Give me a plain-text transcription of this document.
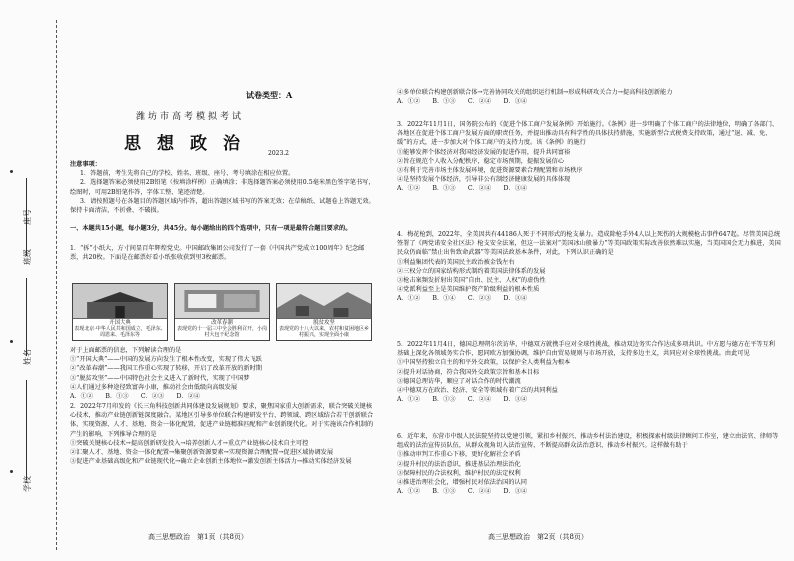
学校
姓名
班级
座号
试卷类型：A
潍坊市高考模拟考试
思想政治	2023.2

注意事项：

1．答题前，考生先将自己的学校、姓名、班级、座号、考号填涂在相应位置。

2．选择题答案必须使用2B铅笔（按填涂样例）正确填涂；非选择题答案必须使用0.5毫米黑色签字笔书写，绘图时，可用2B铅笔作答，字体工整、笔迹清楚。

3．请按照题号在各题目的答题区域内作答，超出答题区域书写的答案无效；在草稿纸、试题卷上答题无效。保持卡面清洁，不折叠、不破损。

一、本题共15小题，每小题3分，共45分。每小题给出的四个选项中，只有一项是最符合题目要求的。
1．“拆”小纸大，方寸间显百年辉煌党史。中国邮政集团公司发行了一套《中国共产党成立100周年》纪念邮票，共20枚。下面是在邮票好看小纸张收获到里3枚邮票。
开国大典
表现北京·中华人民共和国成立，毛泽东、周恩来、毛泽东等
改革春潮
表现党的十一届三中全会胜利召开，小岗村大包干纪念馆
脱贫攻坚
表现党的十八大以来，农村和贫困地区乡村振兴，实现全面小康

对于上面邮票的信息，下列解读合理的是

①“开国大典”——中国的发展方向发生了根本性改变，实现了伟大飞跃

②“改革春潮”——我国工作重心实现了转移，开启了改革开放的新时期

③“脱贫攻坚”——中国特色社会主义进入了新时代，实现了中国梦

④人们通过多种途径致富奔小康，推动社会由低级向高级发展

A．①②　　B．①③　　C．②③　　D．②④

2．2022年7月印发的《长三角科技创新共同体建设发展规划》要求，聚焦国家重大创新需求，联合突破关键核心技术，推动产业链创新链深度融合。某地区引导多单位联合构建研发平台，跨领域、跨区域结合若干创新联合体，实现资源、人才、基地、资金一体化配置，促进产业链精准匹配和产业创新现代化。对于实施该合作机制的产生的影响，下列推导合理的是

①突破关键核心技术→提高创新研发投入→培养创新人才→重点产业链核心技术自主可控

②汇聚人才、基地、资金一体化配置→集聚创新资源要素→实现资源合理配置→促进区域协调发展

③促进产业基础高级化和产业链现代化→确立企业创新主体地位→激发创新主体活力→推动实体经济发展

高三思想政治　第1页（共8页）

④多单位联合构建创新联合体→完善协同攻关的组织运行机制→形成科研攻关合力→提高科技创新能力

A．①②　　B．①③　　C．②④　　D．③④

3．2022年11月1日，国务院公布的《促进个体工商户发展条例》开始施行。《条例》进一步明确了个体工商户的法律地位，明确了各部门、各地区在促进个体工商户发展方面的职责任务，并提出推动具有科学性的具体扶持措施，实施新型合式税费支持政策，通过“退、减、免、缓”的方式，进一步加大对个体工商户的支持力度。该《条例》的施行

①能够发挥个体经济对我国经济发展的促进作用，提升共同富裕

②旨在规范个人收入分配秩序，稳定市场预期，提振发展信心

③有利于完善市场主体发展环境，促进资源要素合理配置和市场秩序

④是坚持发展个体经济，引导非公有制经济健康发展的具体体现

A．①②　　B．①③　　C．②④　　D．③④

4．梅花枪到，2022年，全美因共有44186人死于不同形式的枪支暴力。造成除枪手外4人以上死伤的大规模枪击事件647起。尽管美国总统签署了《两党诺安全社区法》枪支安全法案，但这一法案对“美国冰山般暴力”等美国政策实际改善依然难以实施，当美国国会无力推进，美国民众仍面临“禁止出售致命武器”等美国法政基本条件，对此，下列认识正确的是

①利益集团代表的美国民主政治被金钱左右

②三权分立的国家结构形式制约着美国法律体系的发展

③枪击案频发折射出美国“自由、民主、人权”的虚伪性

④党派利益至上是美国维护资产阶级利益的根本性质

A．①②　　B．①④　　C．②③　　D．③④

5．2022年11月4日，德国总理朔尔茨访华，中德双方就携手应对全球性挑战，推动双边务实合作达成多项共识。中方愿与德方在平等互利基础上深化各领域务实合作，愿同欧方加强协调，维护自由贸易规则与市场开放，支持多边主义，共同应对全球性挑战。由此可见

①中国坚持独立自主的和平外交政策，以保护全人类利益为根本

②提升对话协商，符合我国外交政策宗旨和基本目标

③德国总理访华，顺应了对话合作的时代潮流

④中德双方在政治、经济、安全等领域有着广泛的共同利益

A．①②　　B．①③　　C．②④　　D．③④

6．近年来，东营市中级人民法院坚持以党建引领，紧扣乡村振兴、推动乡村法治建设，积极探索村级法律顾问工作室，建立由法官、律师等组成的法治宣传员队伍，从群众视角切入法治宣传，不断提高群众法治意识，推动乡村振兴。这样做有助于

①推动审判工作重心下移，更好化解社会矛盾

②提升村民的法治意识，推进基层治理法治化

③保障村民的合法权利，维护村民的法定权利

④推进治理社会化，增强村民对依法治国的认同

A．①②　　B．①③　　C．②④　　D．③④

高三思想政治　第2页（共8页）
